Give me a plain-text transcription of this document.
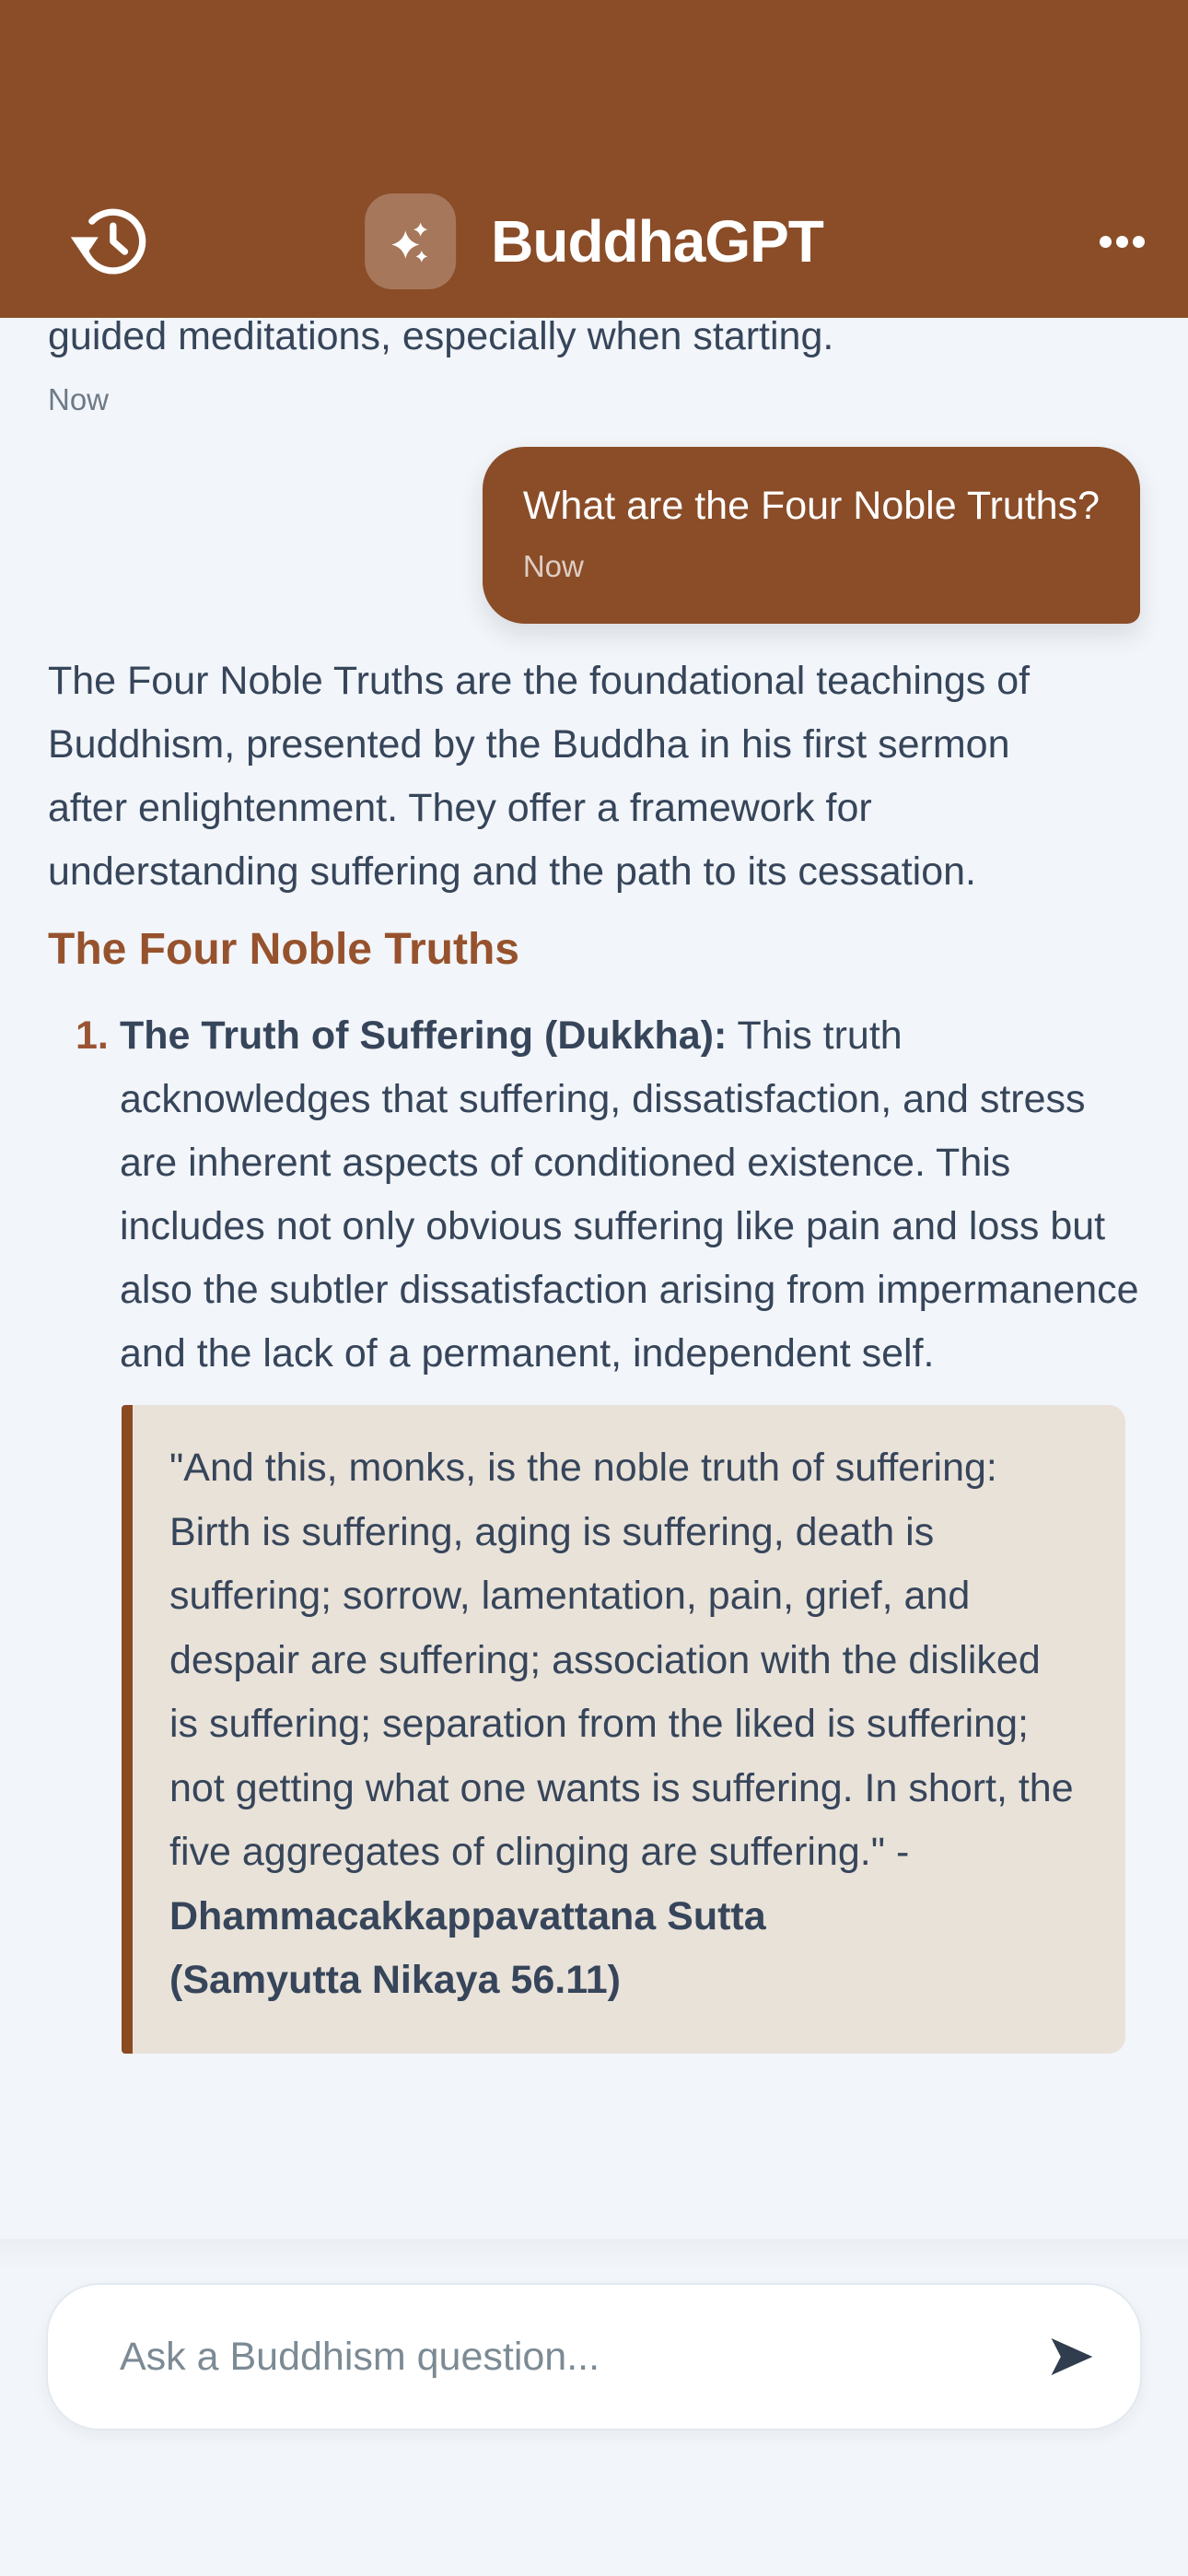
BuddhaGPT

guided meditations, especially when starting.

Now

What are the Four Noble Truths?

Now

The Four Noble Truths are the foundational teachings of Buddhism, presented by the Buddha in his first sermon after enlightenment. They offer a framework for understanding suffering and the path to its cessation.

The Four Noble Truths
1. The Truth of Suffering (Dukkha): This truth acknowledges that suffering, dissatisfaction, and stress are inherent aspects of conditioned existence. This includes not only obvious suffering like pain and loss but also the subtler dissatisfaction arising from impermanence and the lack of a permanent, independent self.

"And this, monks, is the noble truth of suffering: Birth is suffering, aging is suffering, death is suffering; sorrow, lamentation, pain, grief, and despair are suffering; association with the disliked is suffering; separation from the liked is suffering; not getting what one wants is suffering. In short, the five aggregates of clinging are suffering." -

Dhammacakkappavattana Sutta
(Samyutta Nikaya 56.11)
Ask a Buddhism question...
